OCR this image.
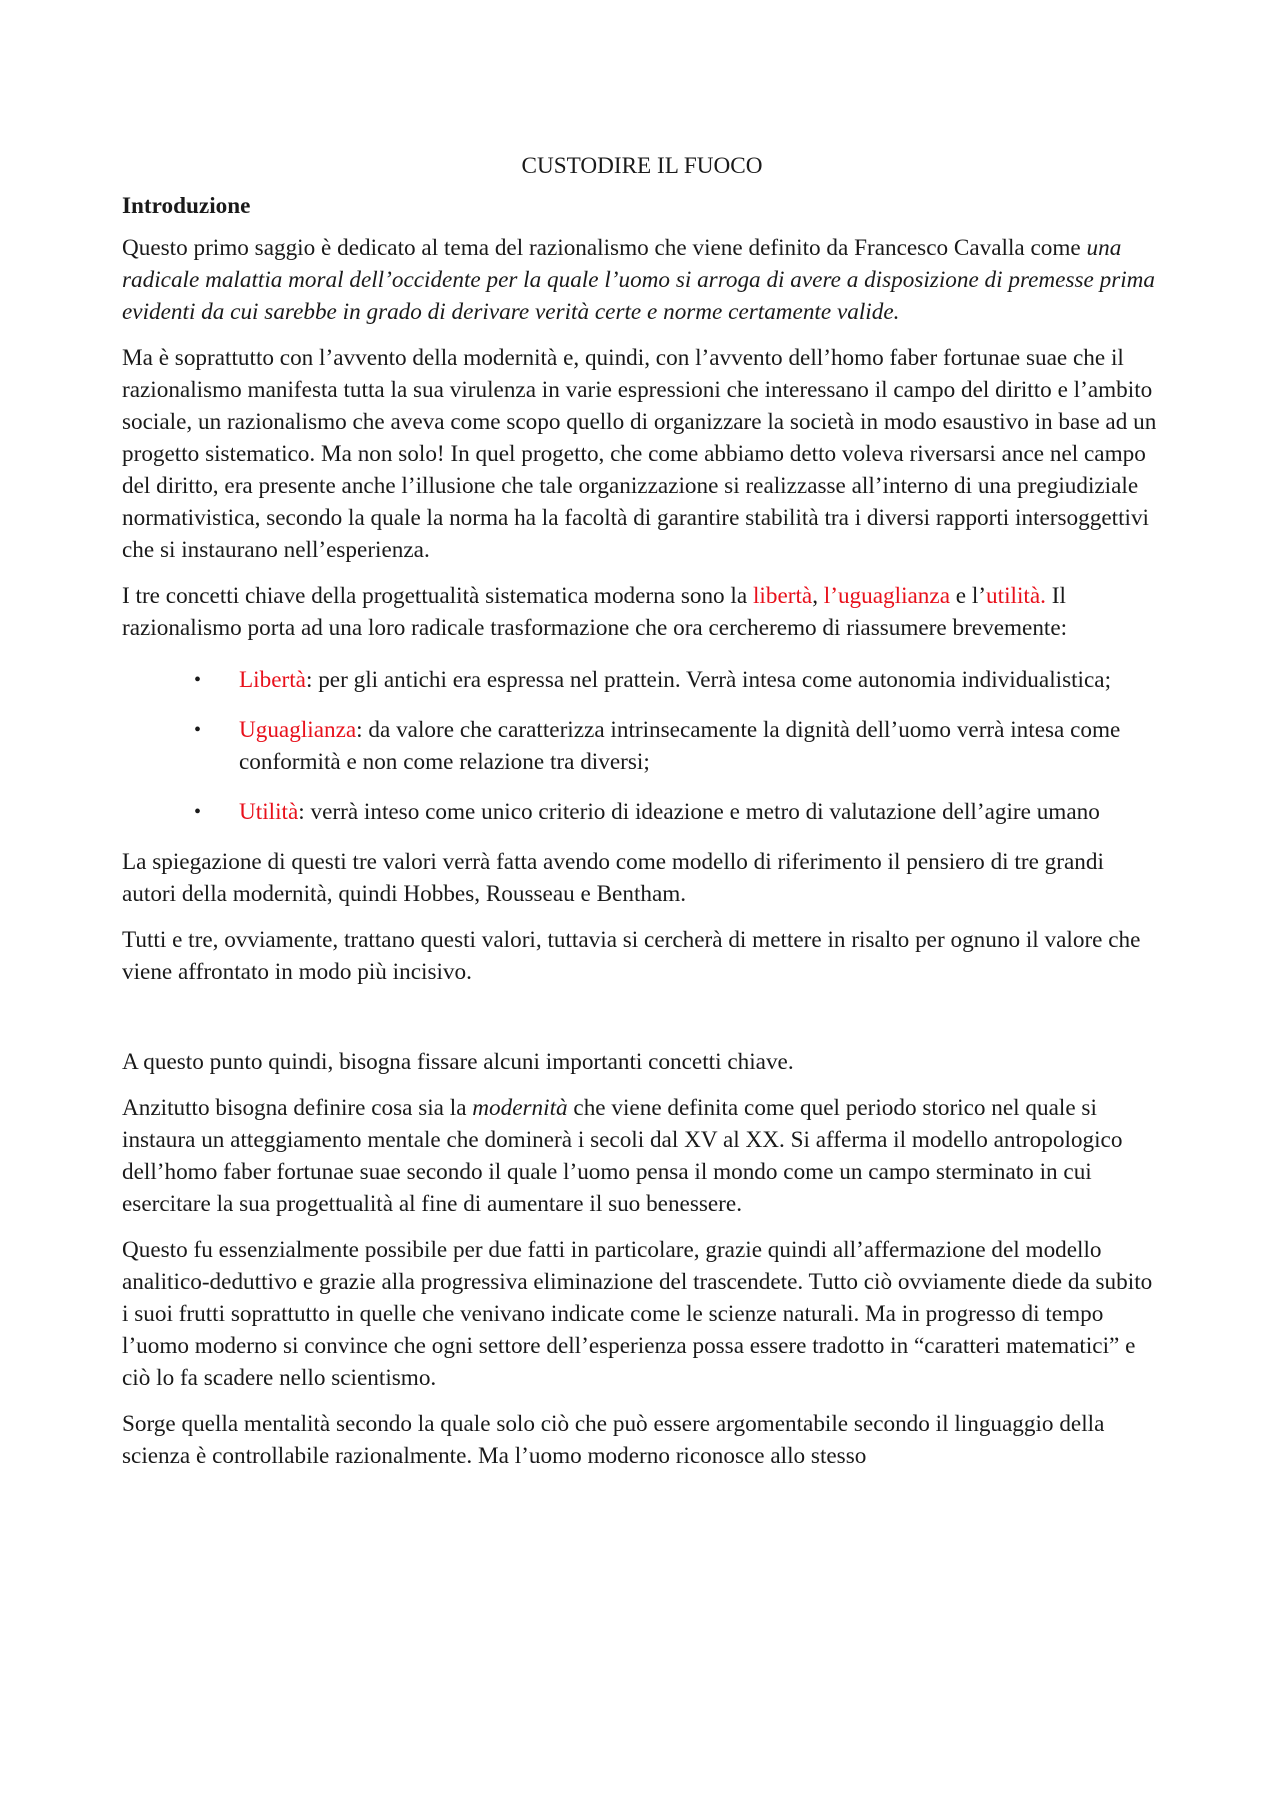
CUSTODIRE IL FUOCO
Introduzione

Questo primo saggio è dedicato al tema del razionalismo che viene definito da Francesco Cavalla come una radicale malattia moral dell’occidente per la quale l’uomo si arroga di avere a disposizione di premesse prima evidenti da cui sarebbe in grado di derivare verità certe e norme certamente valide.

Ma è soprattutto con l’avvento della modernità e, quindi, con l’avvento dell’homo faber fortunae suae che il razionalismo manifesta tutta la sua virulenza in varie espressioni che interessano il campo del diritto e l’ambito sociale, un razionalismo che aveva come scopo quello di organizzare la società in modo esaustivo in base ad un progetto sistematico. Ma non solo! In quel progetto, che come abbiamo detto voleva riversarsi ance nel campo del diritto, era presente anche l’illusione che tale organizzazione si realizzasse all’interno di una pregiudiziale normativistica, secondo la quale la norma ha la facoltà di garantire stabilità tra i diversi rapporti intersoggettivi che si instaurano nell’esperienza.

I tre concetti chiave della progettualità sistematica moderna sono la libertà, l’uguaglianza e l’utilità. Il razionalismo porta ad una loro radicale trasformazione che ora cercheremo di riassumere brevemente:

• Libertà: per gli antichi era espressa nel prattein. Verrà intesa come autonomia individualistica;
• Uguaglianza: da valore che caratterizza intrinsecamente la dignità dell’uomo verrà intesa come conformità e non come relazione tra diversi;
• Utilità: verrà inteso come unico criterio di ideazione e metro di valutazione dell’agire umano

La spiegazione di questi tre valori verrà fatta avendo come modello di riferimento il pensiero di tre grandi autori della modernità, quindi Hobbes, Rousseau e Bentham.

Tutti e tre, ovviamente, trattano questi valori, tuttavia si cercherà di mettere in risalto per ognuno il valore che viene affrontato in modo più incisivo.

A questo punto quindi, bisogna fissare alcuni importanti concetti chiave.

Anzitutto bisogna definire cosa sia la modernità che viene definita come quel periodo storico nel quale si instaura un atteggiamento mentale che dominerà i secoli dal XV al XX. Si afferma il modello antropologico dell’homo faber fortunae suae secondo il quale l’uomo pensa il mondo come un campo sterminato in cui esercitare la sua progettualità al fine di aumentare il suo benessere.

Questo fu essenzialmente possibile per due fatti in particolare, grazie quindi all’affermazione del modello analitico-deduttivo e grazie alla progressiva eliminazione del trascendete. Tutto ciò ovviamente diede da subito i suoi frutti soprattutto in quelle che venivano indicate come le scienze naturali. Ma in progresso di tempo l’uomo moderno si convince che ogni settore dell’esperienza possa essere tradotto in “caratteri matematici” e ciò lo fa scadere nello scientismo.

Sorge quella mentalità secondo la quale solo ciò che può essere argomentabile secondo il linguaggio della scienza è controllabile razionalmente. Ma l’uomo moderno riconosce allo stesso
